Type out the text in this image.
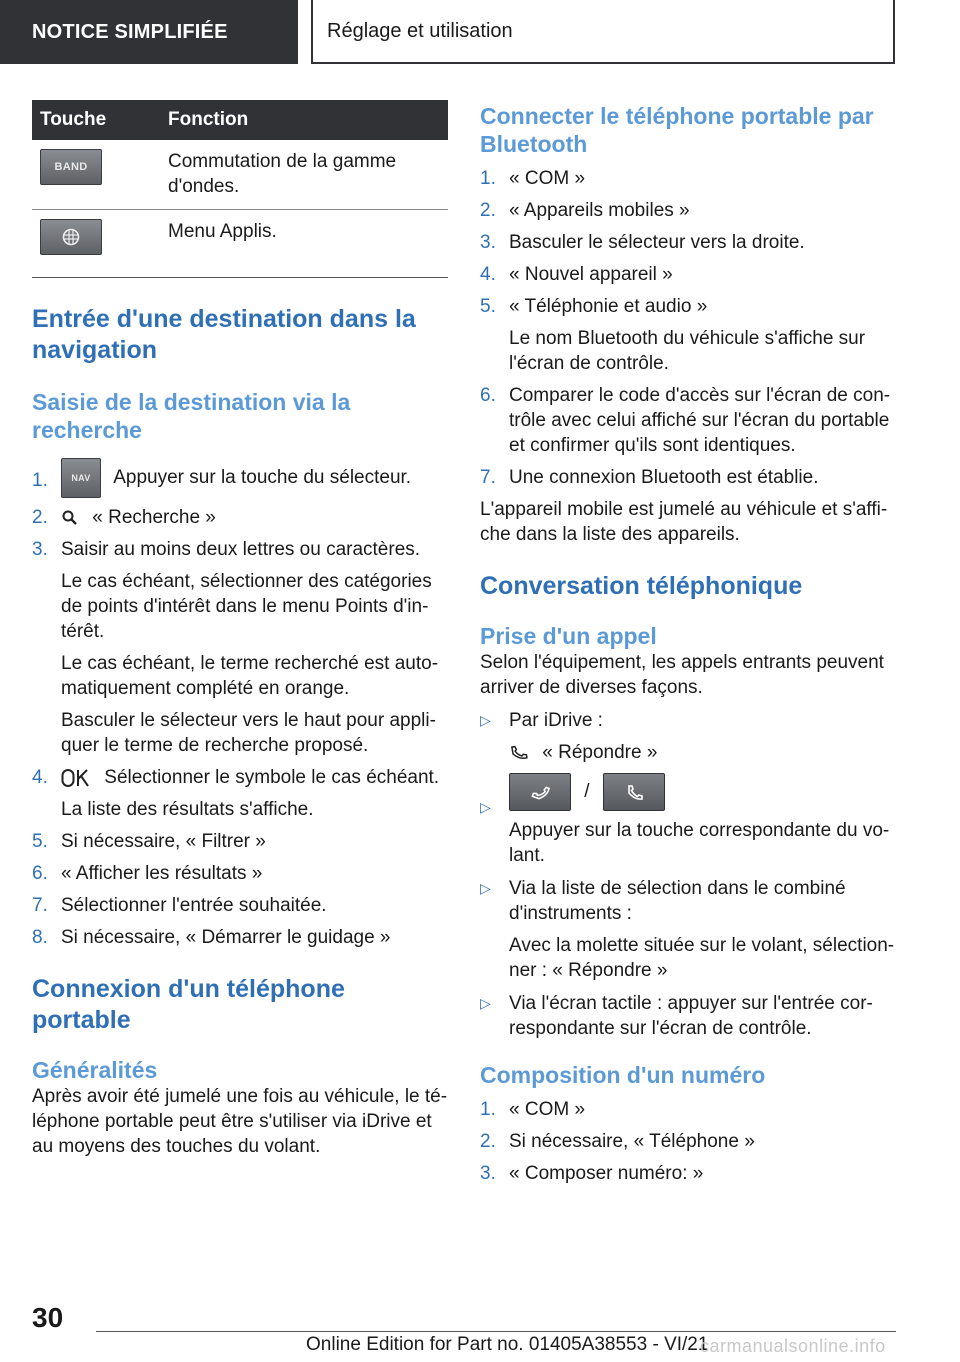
NOTICE SIMPLIFIÉE	Réglage et utilisation
Touche	Fonction

BAND	Commutation de la gamme d'ondes.

	Menu Applis.
Entrée d'une destination dans la navigation
Saisie de la destination via la recherche
1.	NAV Appuyer sur la touche du sélecteur.
2. « Recherche »
3. Saisir au moins deux lettres ou caractères.
Le cas échéant, sélectionner des catégories de points d'intérêt dans le menu Points d'intérêt.
Le cas échéant, le terme recherché est automatiquement complété en orange.
Basculer le sélecteur vers le haut pour appliquer le terme de recherche proposé.
4.	Sélectionner le symbole le cas échéant.
La liste des résultats s'affiche.
5. Si nécessaire, « Filtrer »
6. « Afficher les résultats »
7. Sélectionner l'entrée souhaitée.
8. Si nécessaire, « Démarrer le guidage »
Connexion d'un téléphone portable
Généralités

Après avoir été jumelé une fois au véhicule, le téléphone portable peut être s'utiliser via iDrive et au moyens des touches du volant.

Connecter le téléphone portable par Bluetooth
1. « COM »
2. « Appareils mobiles »
3. Basculer le sélecteur vers la droite.
4. « Nouvel appareil »
5. « Téléphonie et audio »
Le nom Bluetooth du véhicule s'affiche sur l'écran de contrôle.
6. Comparer le code d'accès sur l'écran de contrôle avec celui affiché sur l'écran du portable et confirmer qu'ils sont identiques.
7. Une connexion Bluetooth est établie.

L'appareil mobile est jumelé au véhicule et s'affiche dans la liste des appareils.

Conversation téléphonique
Prise d'un appel

Selon l'équipement, les appels entrants peuvent arriver de diverses façons.

▷ Par iDrive :
« Répondre »
▷
/
Appuyer sur la touche correspondante du volant.
▷ Via la liste de sélection dans le combiné d'instruments :
Avec la molette située sur le volant, sélectionner : « Répondre »
▷ Via l'écran tactile : appuyer sur l'entrée correspondante sur l'écran de contrôle.
Composition d'un numéro
1. « COM »
2. Si nécessaire, « Téléphone »
3. « Composer numéro: »
30
Online Edition for Part no. 01405A38553 - VI/21
carmanualsonline.info
